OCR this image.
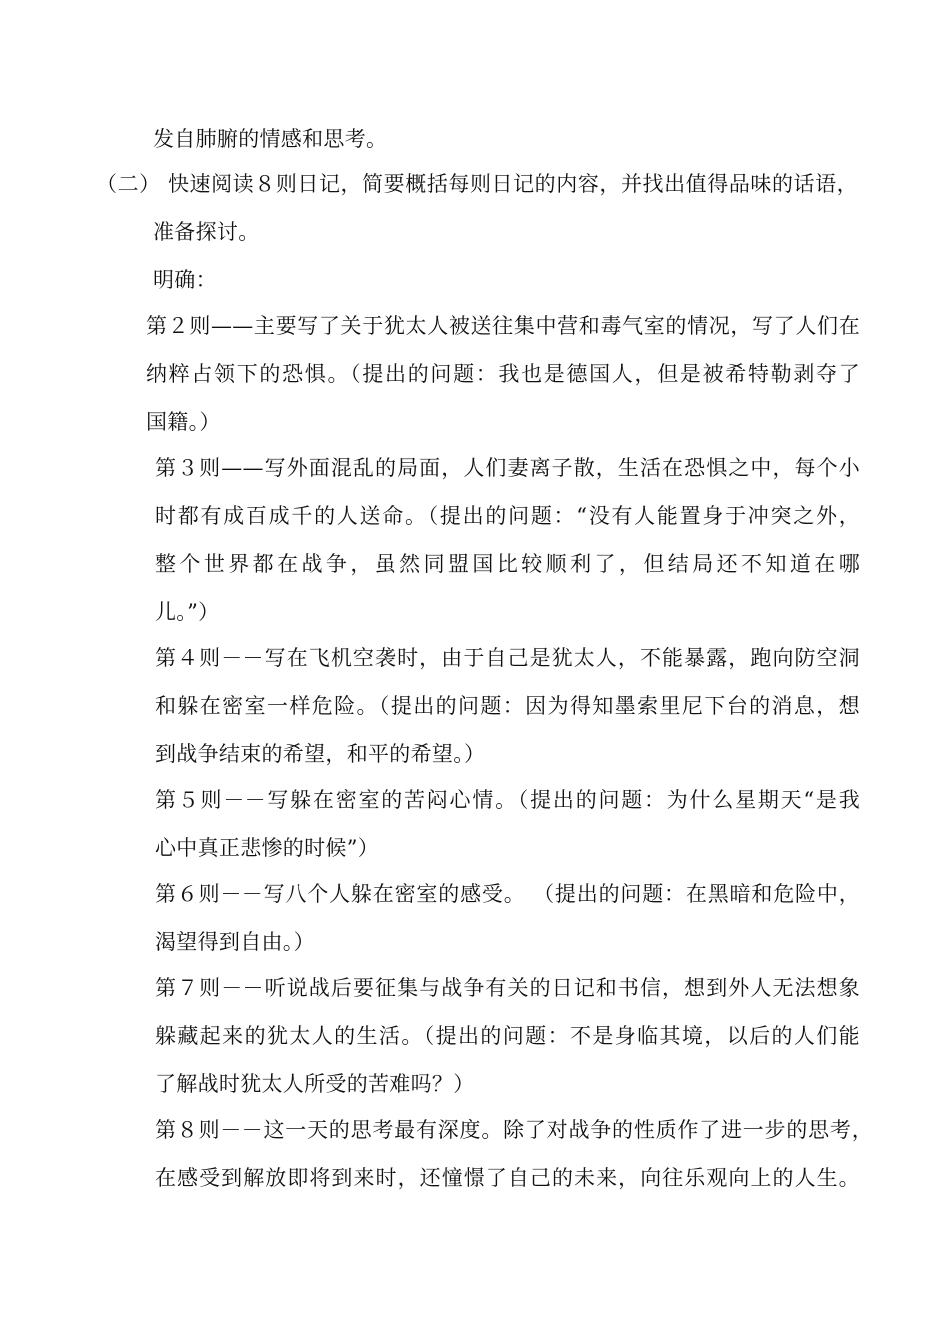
发自肺腑的情感和思考。
（二） 快速阅读８则日记，简要概括每则日记的内容，并找出值得品味的话语，
准备探讨。
明确：
第２则——主要写了关于犹太人被送往集中营和毒气室的情况，写了人们在
纳粹占领下的恐惧。（提出的问题：我也是德国人，但是被希特勒剥夺了
国籍。）
第３则——写外面混乱的局面，人们妻离子散，生活在恐惧之中，每个小
时都有成百成千的人送命。（提出的问题：“没有人能置身于冲突之外，
整个世界都在战争，虽然同盟国比较顺利了，但结局还不知道在哪
儿。”）
第４则－－写在飞机空袭时，由于自己是犹太人，不能暴露，跑向防空洞
和躲在密室一样危险。（提出的问题：因为得知墨索里尼下台的消息，想
到战争结束的希望，和平的希望。）
第５则－－写躲在密室的苦闷心情。（提出的问题：为什么星期天“是我
心中真正悲惨的时候”）
第６则－－写八个人躲在密室的感受。 （提出的问题：在黑暗和危险中，
渴望得到自由。）
第７则－－听说战后要征集与战争有关的日记和书信，想到外人无法想象
躲藏起来的犹太人的生活。（提出的问题：不是身临其境，以后的人们能
了解战时犹太人所受的苦难吗？）
第８则－－这一天的思考最有深度。除了对战争的性质作了进一步的思考，
在感受到解放即将到来时，还憧憬了自己的未来，向往乐观向上的人生。
